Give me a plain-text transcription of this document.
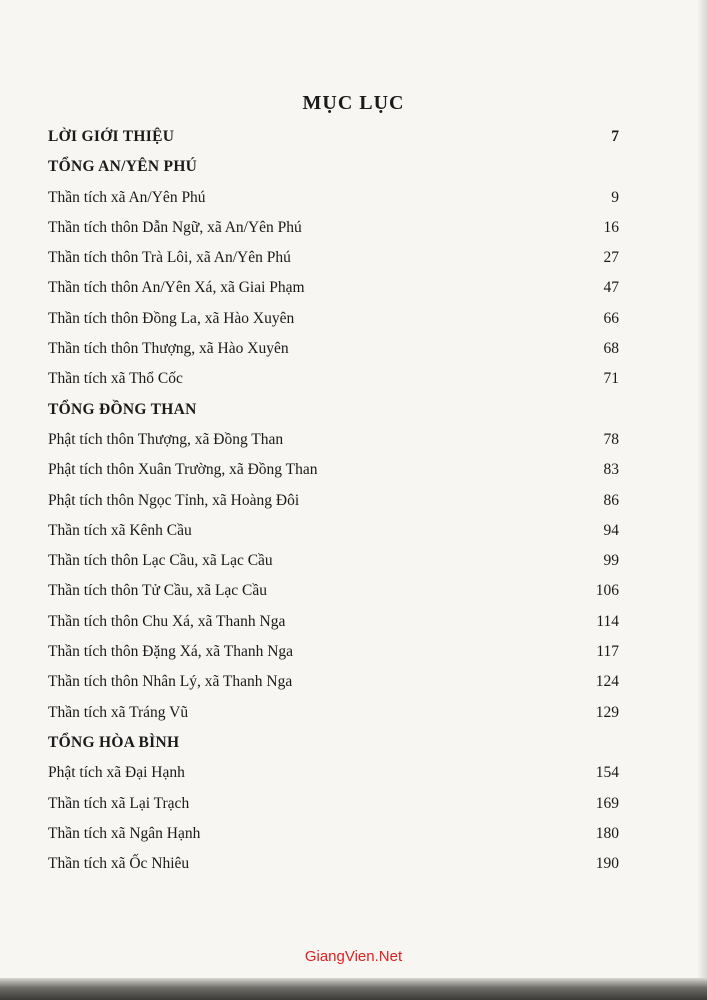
MỤC LỤC
LỜI GIỚI THIỆU	7
TỔNG AN/YÊN PHÚ
Thần tích xã An/Yên Phú	9
Thần tích thôn Dẫn Ngữ, xã An/Yên Phú	16
Thần tích thôn Trà Lôi, xã An/Yên Phú	27
Thần tích thôn An/Yên Xá, xã Giai Phạm	47
Thần tích thôn Đồng La, xã Hào Xuyên	66
Thần tích thôn Thượng, xã Hào Xuyên	68
Thần tích xã Thổ Cốc	71
TỔNG ĐỒNG THAN
Phật tích thôn Thượng, xã Đồng Than	78
Phật tích thôn Xuân Trường, xã Đồng Than	83
Phật tích thôn Ngọc Tỉnh, xã Hoàng Đôi	86
Thần tích xã Kênh Cầu	94
Thần tích thôn Lạc Cầu, xã Lạc Cầu	99
Thần tích thôn Tử Cầu, xã Lạc Cầu	106
Thần tích thôn Chu Xá, xã Thanh Nga	114
Thần tích thôn Đặng Xá, xã Thanh Nga	117
Thần tích thôn Nhân Lý, xã Thanh Nga	124
Thần tích xã Tráng Vũ	129
TỔNG HÒA BÌNH
Phật tích xã Đại Hạnh	154
Thần tích xã Lại Trạch	169
Thần tích xã Ngân Hạnh	180
Thần tích xã Ốc Nhiêu	190
GiangVien.Net
